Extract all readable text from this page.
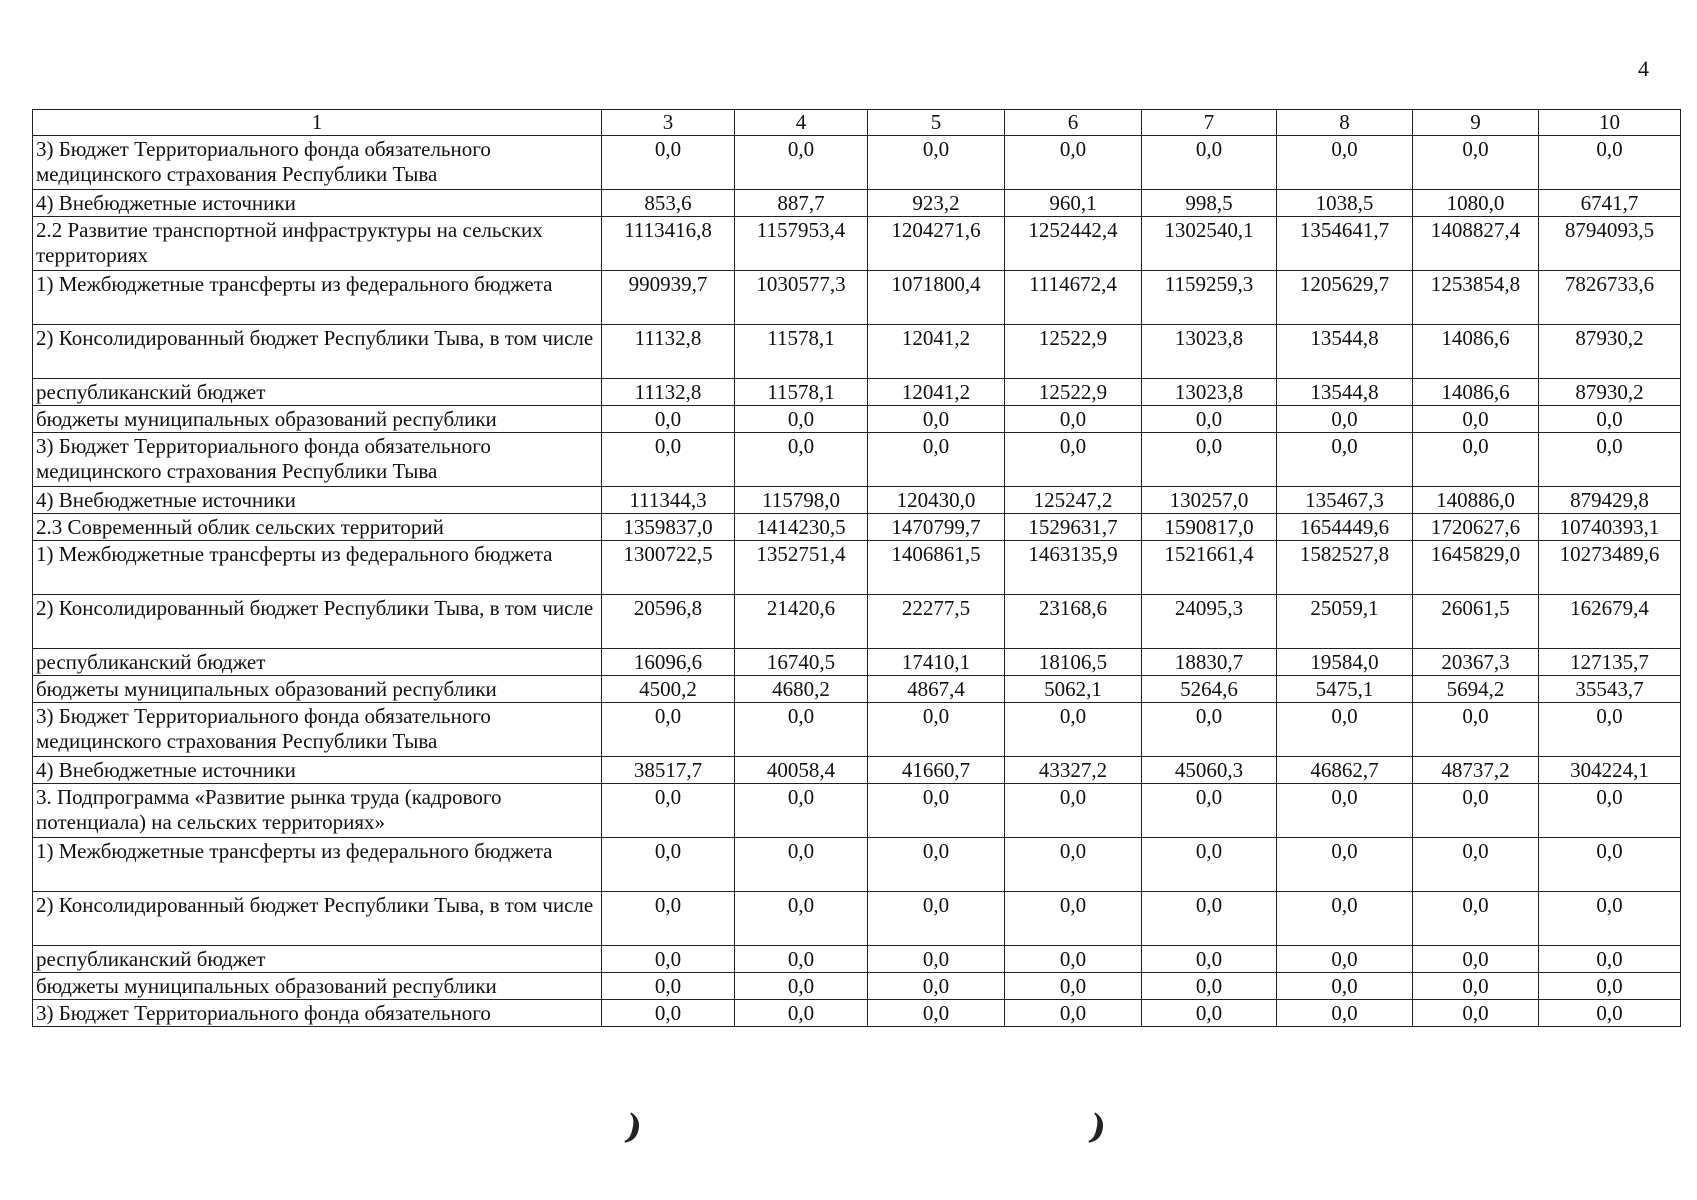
4
1	3	4	5	6	7	8	9	10
3) Бюджет Территориального фонда обязательного медицинского страхования Республики Тыва	0,0	0,0	0,0	0,0	0,0	0,0	0,0	0,0
4) Внебюджетные источники	853,6	887,7	923,2	960,1	998,5	1038,5	1080,0	6741,7
2.2 Развитие транспортной инфраструктуры на сельских территориях	1113416,8	1157953,4	1204271,6	1252442,4	1302540,1	1354641,7	1408827,4	8794093,5
1) Межбюджетные трансферты из федерального бюджета	990939,7	1030577,3	1071800,4	1114672,4	1159259,3	1205629,7	1253854,8	7826733,6
2) Консолидированный бюджет Республики Тыва, в том числе	11132,8	11578,1	12041,2	12522,9	13023,8	13544,8	14086,6	87930,2
республиканский бюджет	11132,8	11578,1	12041,2	12522,9	13023,8	13544,8	14086,6	87930,2
бюджеты муниципальных образований республики	0,0	0,0	0,0	0,0	0,0	0,0	0,0	0,0
3) Бюджет Территориального фонда обязательного медицинского страхования Республики Тыва	0,0	0,0	0,0	0,0	0,0	0,0	0,0	0,0
4) Внебюджетные источники	111344,3	115798,0	120430,0	125247,2	130257,0	135467,3	140886,0	879429,8
2.3 Современный облик сельских территорий	1359837,0	1414230,5	1470799,7	1529631,7	1590817,0	1654449,6	1720627,6	10740393,1
1) Межбюджетные трансферты из федерального бюджета	1300722,5	1352751,4	1406861,5	1463135,9	1521661,4	1582527,8	1645829,0	10273489,6
2) Консолидированный бюджет Республики Тыва, в том числе	20596,8	21420,6	22277,5	23168,6	24095,3	25059,1	26061,5	162679,4
республиканский бюджет	16096,6	16740,5	17410,1	18106,5	18830,7	19584,0	20367,3	127135,7
бюджеты муниципальных образований республики	4500,2	4680,2	4867,4	5062,1	5264,6	5475,1	5694,2	35543,7
3) Бюджет Территориального фонда обязательного медицинского страхования Республики Тыва	0,0	0,0	0,0	0,0	0,0	0,0	0,0	0,0
4) Внебюджетные источники	38517,7	40058,4	41660,7	43327,2	45060,3	46862,7	48737,2	304224,1
3. Подпрограмма «Развитие рынка труда (кадрового потенциала) на сельских территориях»	0,0	0,0	0,0	0,0	0,0	0,0	0,0	0,0
1) Межбюджетные трансферты из федерального бюджета	0,0	0,0	0,0	0,0	0,0	0,0	0,0	0,0
2) Консолидированный бюджет Республики Тыва, в том числе	0,0	0,0	0,0	0,0	0,0	0,0	0,0	0,0
республиканский бюджет	0,0	0,0	0,0	0,0	0,0	0,0	0,0	0,0
бюджеты муниципальных образований республики	0,0	0,0	0,0	0,0	0,0	0,0	0,0	0,0
3) Бюджет Территориального фонда обязательного	0,0	0,0	0,0	0,0	0,0	0,0	0,0	0,0
)	)
